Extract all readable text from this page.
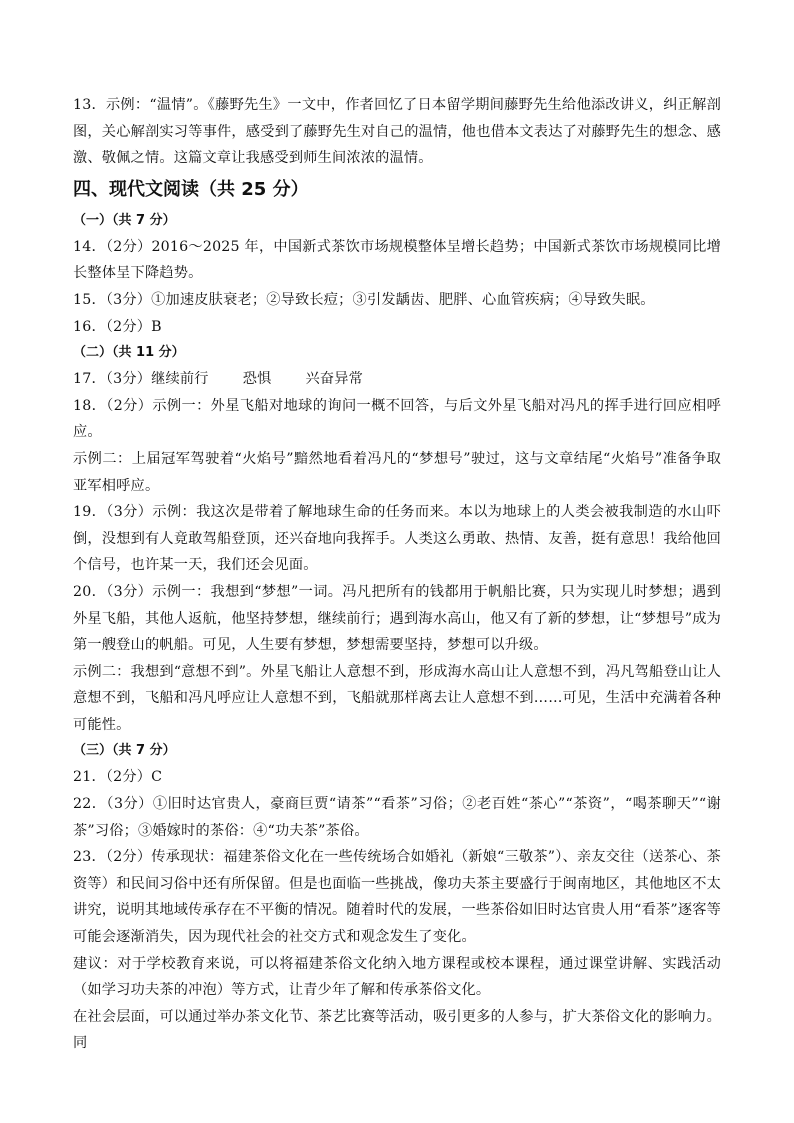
13．示例：“温情”。《藤野先生》一文中，作者回忆了日本留学期间藤野先生给他添改讲义，纠正解剖图，关心解剖实习等事件，感受到了藤野先生对自己的温情，他也借本文表达了对藤野先生的想念、感激、敬佩之情。这篇文章让我感受到师生间浓浓的温情。

四、现代文阅读（共 25 分）
（一）（共 7 分）

14．（2分）2016～2025 年，中国新式茶饮市场规模整体呈增长趋势；中国新式茶饮市场规模同比增长整体呈下降趋势。

15．（3分）①加速皮肤衰老；②导致长痘；③引发龋齿、肥胖、心血管疾病；④导致失眠。

16．（2分）B

（二）（共 11 分）

17．（3分）继续前行 恐惧 兴奋异常

18．（2分）示例一：外星飞船对地球的询问一概不回答，与后文外星飞船对冯凡的挥手进行回应相呼应。

示例二：上届冠军驾驶着“火焰号”黯然地看着冯凡的“梦想号”驶过，这与文章结尾“火焰号”准备争取亚军相呼应。

19．（3分）示例：我这次是带着了解地球生命的任务而来。本以为地球上的人类会被我制造的水山吓倒，没想到有人竟敢驾船登顶，还兴奋地向我挥手。人类这么勇敢、热情、友善，挺有意思！我给他回个信号，也许某一天，我们还会见面。

20．（3分）示例一：我想到“梦想”一词。冯凡把所有的钱都用于帆船比赛，只为实现儿时梦想；遇到外星飞船，其他人返航，他坚持梦想，继续前行；遇到海水高山，他又有了新的梦想，让“梦想号”成为第一艘登山的帆船。可见，人生要有梦想，梦想需要坚持，梦想可以升级。

示例二：我想到“意想不到”。外星飞船让人意想不到，形成海水高山让人意想不到，冯凡驾船登山让人意想不到，飞船和冯凡呼应让人意想不到，飞船就那样离去让人意想不到……可见，生活中充满着各种可能性。

（三）（共 7 分）

21．（2分）C

22．（3分）①旧时达官贵人，豪商巨贾“请茶”“看茶”习俗；②老百姓“茶心”“茶资”，“喝茶聊天”“谢茶”习俗；③婚嫁时的茶俗：④“功夫茶”茶俗。

23．（2分）传承现状：福建茶俗文化在一些传统场合如婚礼（新娘“三敬茶”）、亲友交往（送茶心、茶资等）和民间习俗中还有所保留。但是也面临一些挑战，像功夫茶主要盛行于闽南地区，其他地区不太讲究，说明其地域传承存在不平衡的情况。随着时代的发展，一些茶俗如旧时达官贵人用“看茶”逐客等可能会逐渐消失，因为现代社会的社交方式和观念发生了变化。

建议：对于学校教育来说，可以将福建茶俗文化纳入地方课程或校本课程，通过课堂讲解、实践活动（如学习功夫茶的冲泡）等方式，让青少年了解和传承茶俗文化。

在社会层面，可以通过举办茶文化节、茶艺比赛等活动，吸引更多的人参与，扩大茶俗文化的影响力。同
